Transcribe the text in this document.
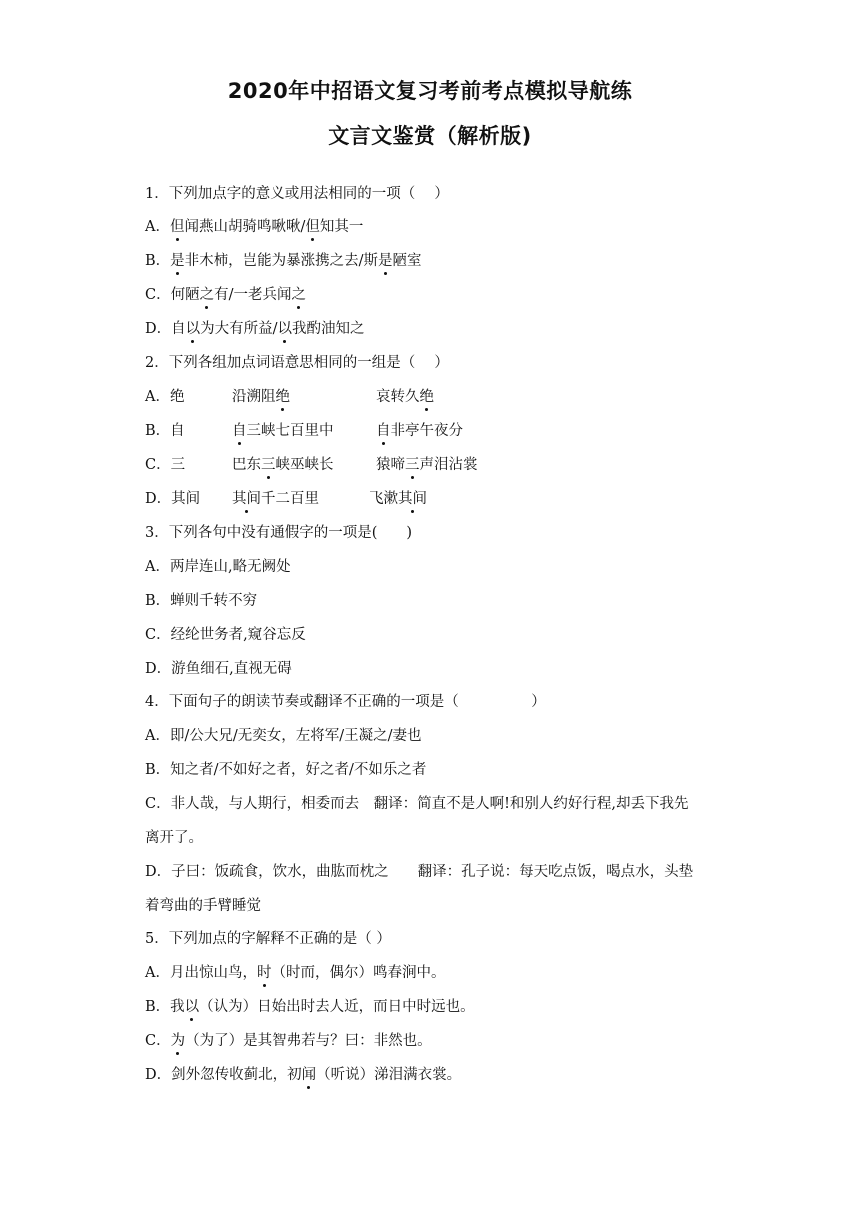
2020年中招语文复习考前考点模拟导航练
文言文鉴赏（解析版)
1．下列加点字的意义或用法相同的一项（　 ）
A．但闻燕山胡骑鸣啾啾/但知其一
B．是非木柿，岂能为暴涨携之去/斯是陋室
C．何陋之有/一老兵闻之
D．自以为大有所益/以我酌油知之
2．下列各组加点词语意思相同的一组是（　 ）
A．绝	沿溯阻绝	哀转久绝
B．自	自三峡七百里中	自非亭午夜分
C．三	巴东三峡巫峡长	猿啼三声泪沾裳
D．其间 其间千二百里	飞漱其间
3．下列各句中没有通假字的一项是(　　)
A．两岸连山,略无阙处
B．蝉则千转不穷
C．经纶世务者,窥谷忘反
D．游鱼细石,直视无碍
4．下面句子的朗读节奏或翻译不正确的一项是（　　　　　）
A．即/公大兄/无奕女，左将军/王凝之/妻也
B．知之者/不如好之者，好之者/不如乐之者
C．非人哉，与人期行，相委而去　翻译：简直不是人啊!和别人约好行程,却丢下我先
离开了。
D．子曰：饭疏食，饮水，曲肱而枕之　　翻译：孔子说：每天吃点饭，喝点水，头垫
着弯曲的手臂睡觉
5．下列加点的字解释不正确的是（ ）
A．月出惊山鸟，时（时而，偶尔）鸣春涧中。
B．我以（认为）日始出时去人近，而日中时远也。
C．为（为了）是其智弗若与？曰：非然也。
D．剑外忽传收蓟北，初闻（听说）涕泪满衣裳。
